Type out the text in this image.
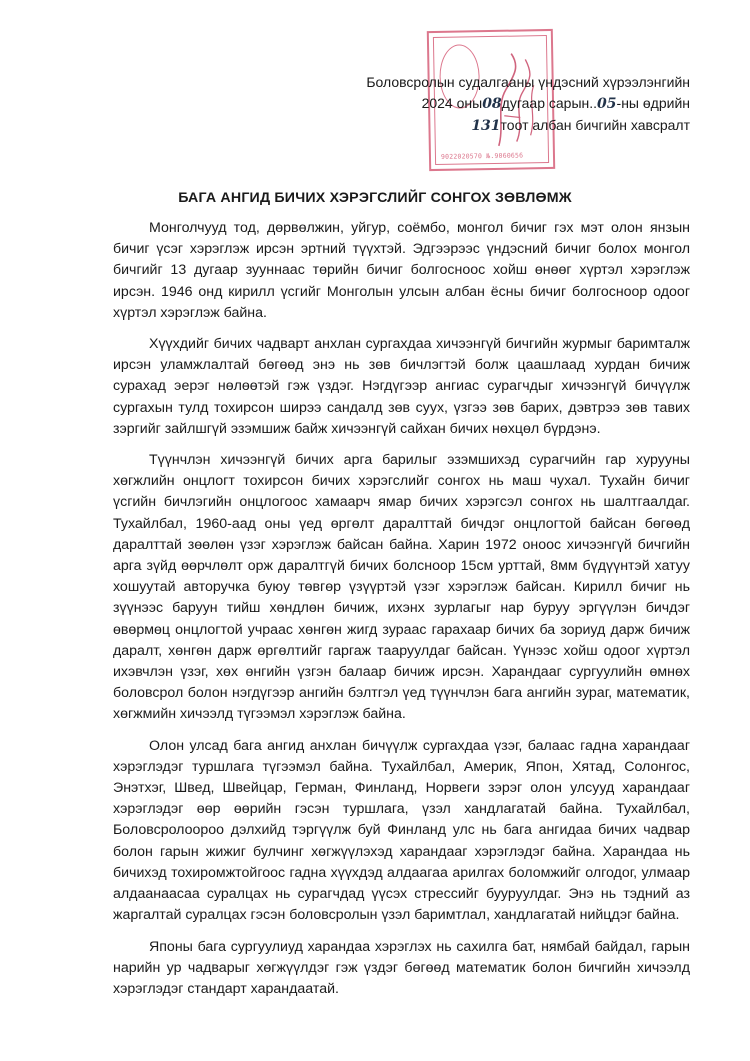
9022020570 №.9060656
Боловсролын судалгааны үндэсний хүрээлэнгийн
2024 оны08дугаар сарын..05-ны өдрийн
131тоот албан бичгийн хавсралт
БАГА АНГИД БИЧИХ ХЭРЭГСЛИЙГ СОНГОХ ЗӨВЛӨМЖ

Монголчууд тод, дөрвөлжин, уйгур, соёмбо, монгол бичиг гэх мэт олон янзын бичиг үсэг хэрэглэж ирсэн эртний түүхтэй. Эдгээрээс үндэсний бичиг болох монгол бичгийг 13 дугаар зууннаас төрийн бичиг болгосноос хойш өнөөг хүртэл хэрэглэж ирсэн. 1946 онд кирилл үсгийг Монголын улсын албан ёсны бичиг болгосноор одоог хүртэл хэрэглэж байна.

Хүүхдийг бичих чадварт анхлан сургахдаа хичээнгүй бичгийн журмыг баримталж ирсэн уламжлалтай бөгөөд энэ нь зөв бичлэгтэй болж цаашлаад хурдан бичиж сурахад эерэг нөлөөтэй гэж үздэг. Нэгдүгээр ангиас сурагчдыг хичээнгүй бичүүлж сургахын тулд тохирсон ширээ сандалд зөв суух, үзгээ зөв барих, дэвтрээ зөв тавих зэргийг зайлшгүй эзэмшиж байж хичээнгүй сайхан бичих нөхцөл бүрдэнэ.

Түүнчлэн хичээнгүй бичих арга барилыг эзэмшихэд сурагчийн гар хурууны хөгжлийн онцлогт тохирсон бичих хэрэгслийг сонгох нь маш чухал. Тухайн бичиг үсгийн бичлэгийн онцлогоос хамаарч ямар бичих хэрэгсэл сонгох нь шалтгаалдаг. Тухайлбал, 1960-аад оны үед өргөлт даралттай бичдэг онцлогтой байсан бөгөөд даралттай зөөлөн үзэг хэрэглэж байсан байна. Харин 1972 оноос хичээнгүй бичгийн арга зүйд өөрчлөлт орж даралтгүй бичих болсноор 15см урттай, 8мм бүдүүнтэй хатуу хошуутай авторучка буюу төвгөр үзүүртэй үзэг хэрэглэж байсан. Кирилл бичиг нь зүүнээс баруун тийш хөндлөн бичиж, ихэнх зурлагыг нар буруу эргүүлэн бичдэг өвөрмөц онцлогтой учраас хөнгөн жигд зураас гарахаар бичих ба зориуд дарж бичиж даралт, хөнгөн дарж өргөлтийг гаргаж тааруулдаг байсан. Үүнээс хойш одоог хүртэл ихэвчлэн үзэг, хөх өнгийн үзгэн балаар бичиж ирсэн. Харандааг сургуулийн өмнөх боловсрол болон нэгдүгээр ангийн бэлтгэл үед түүнчлэн бага ангийн зураг, математик, хөгжмийн хичээлд түгээмэл хэрэглэж байна.

Олон улсад бага ангид анхлан бичүүлж сургахдаа үзэг, балаас гадна харандааг хэрэглэдэг туршлага түгээмэл байна. Тухайлбал, Америк, Япон, Хятад, Солонгос, Энэтхэг, Швед, Швейцар, Герман, Финланд, Норвеги зэрэг олон улсууд харандааг хэрэглэдэг өөр өөрийн гэсэн туршлага, үзэл хандлагатай байна. Тухайлбал, Боловсролоороо дэлхийд тэргүүлж буй Финланд улс нь бага ангидаа бичих чадвар болон гарын жижиг булчинг хөгжүүлэхэд харандааг хэрэглэдэг байна. Харандаа нь бичихэд тохиромжтойгоос гадна хүүхдэд алдаагаа арилгах боломжийг олгодог, улмаар алдаанаасаа суралцах нь сурагчдад үүсэх стрессийг бууруулдаг. Энэ нь тэдний аз жаргалтай суралцах гэсэн боловсролын үзэл баримтлал, хандлагатай нийцдэг байна.

Японы бага сургуулиуд харандаа хэрэглэх нь сахилга бат, нямбай байдал, гарын нарийн ур чадварыг хөгжүүлдэг гэж үздэг бөгөөд математик болон бичгийн хичээлд хэрэглэдэг стандарт харандаатай.
